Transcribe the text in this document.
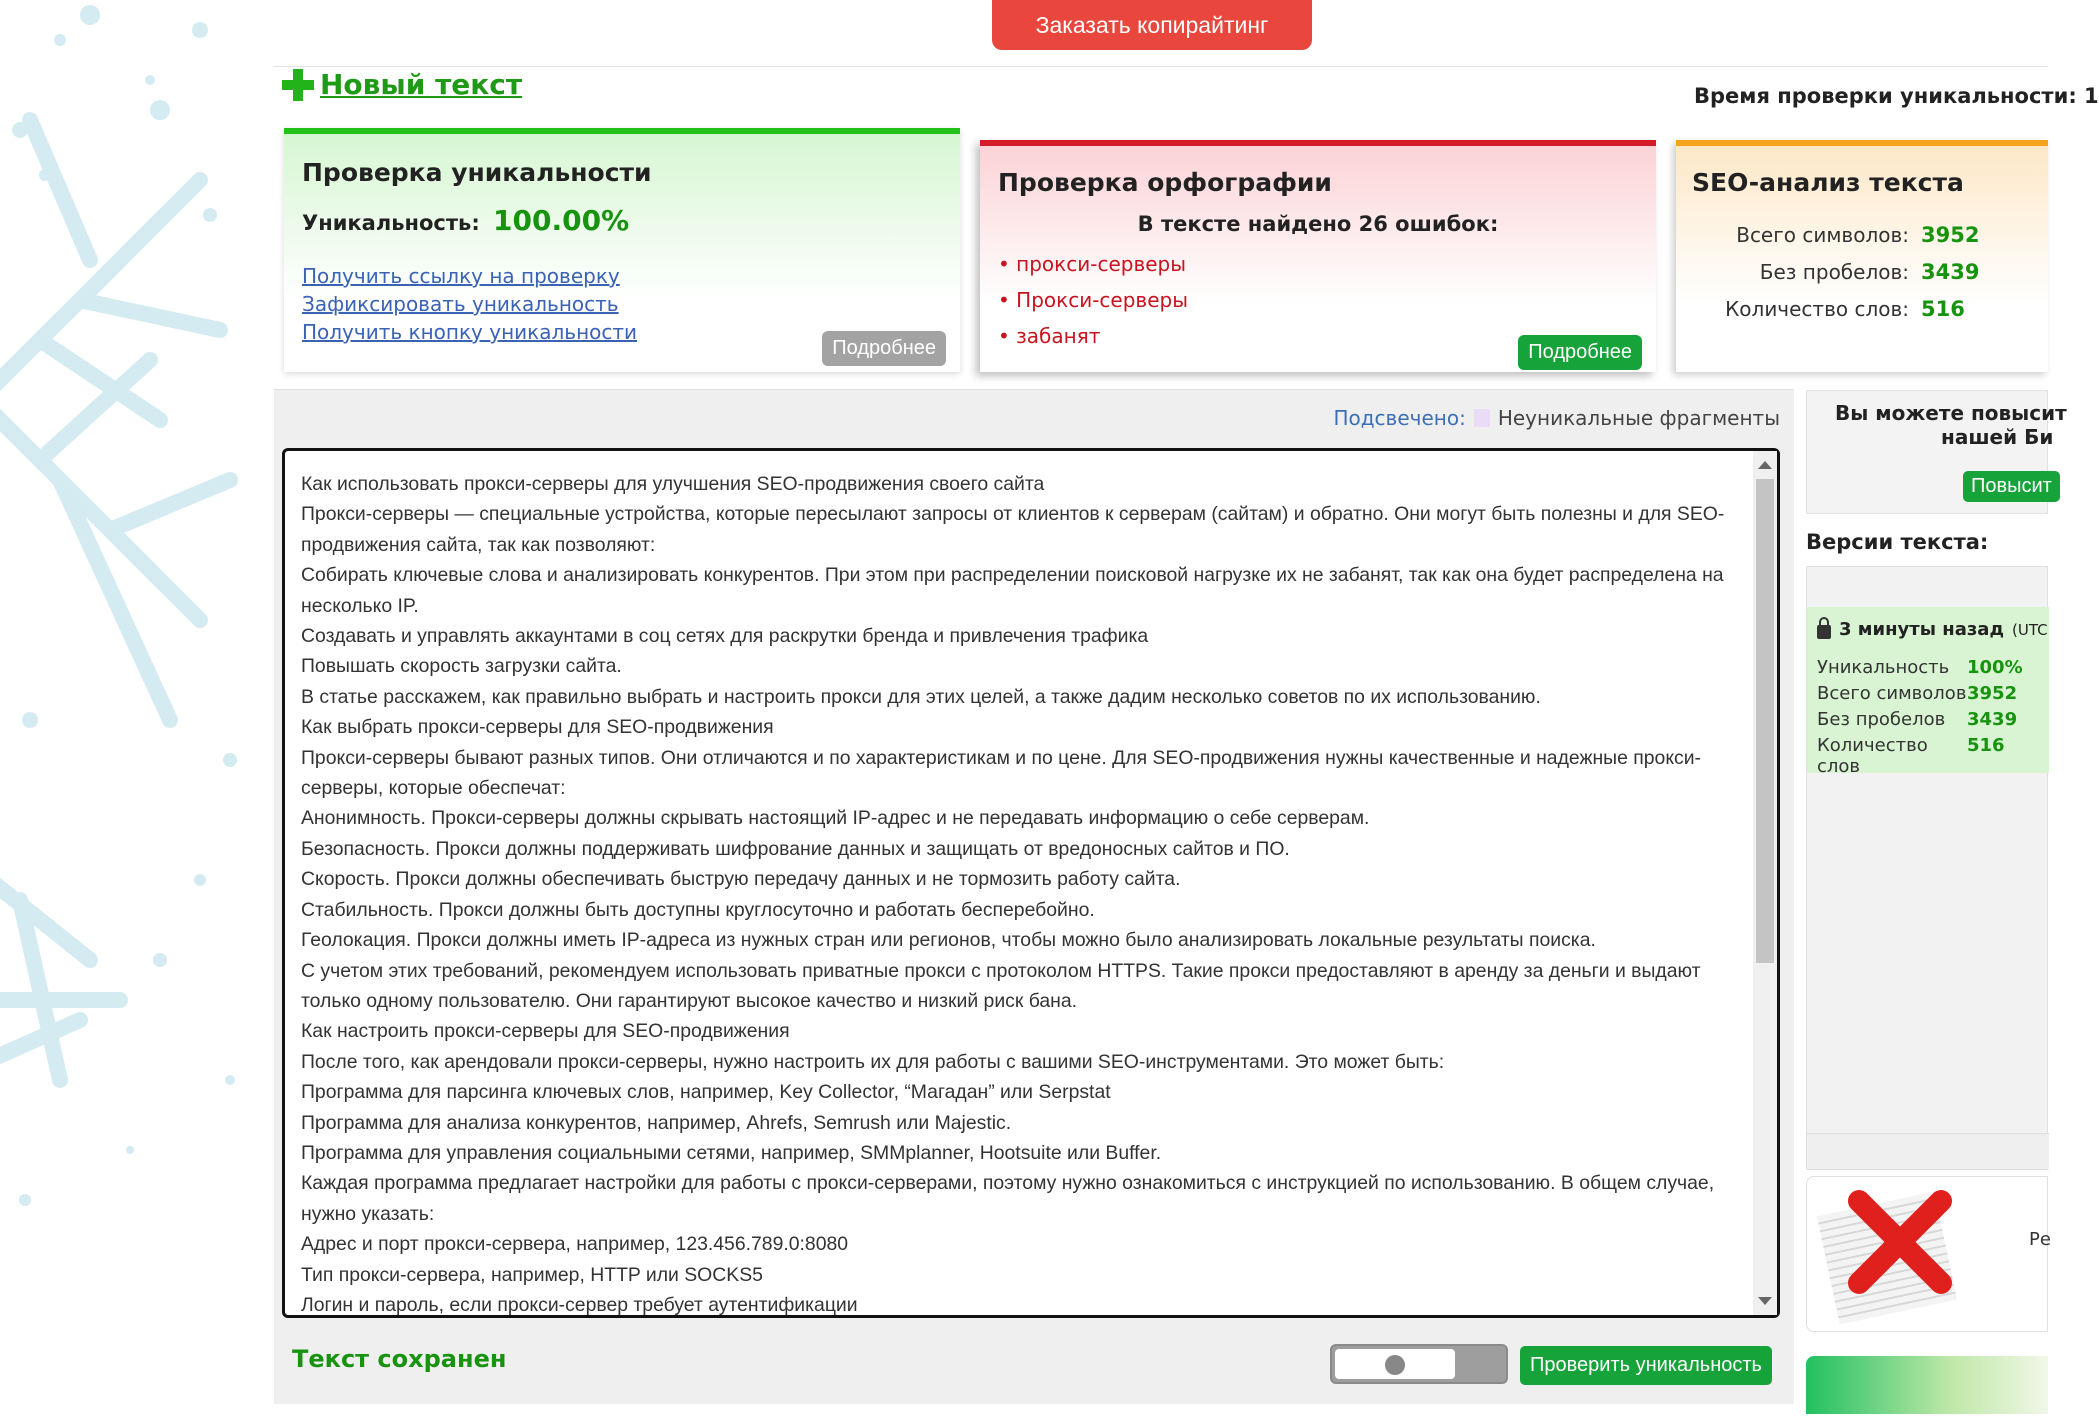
Заказать копирайтинг
Новый текст	Время проверки уникальности: 1
Проверка уникальности
Уникальность: 100.00%
Получить ссылку на проверку
Зафиксировать уникальность
Получить кнопку уникальности
Подробнее
Проверка орфографии
В тексте найдено 26 ошибок:
• прокси-серверы
• Прокси-серверы
• забанят
Подробнее
SEO-анализ текста
Всего символов: 3952
Без пробелов: 3439
Количество слов: 516
Подсвечено: Неуникальные фрагменты
Как использовать прокси-серверы для улучшения SEO-продвижения своего сайта
Прокси-серверы — специальные устройства, которые пересылают запросы от клиентов к серверам (сайтам) и обратно. Они могут быть полезны и для SEO-продвижения сайта, так как позволяют:
Собирать ключевые слова и анализировать конкурентов. При этом при распределении поисковой нагрузке их не забанят, так как она будет распределена на несколько IP.
Создавать и управлять аккаунтами в соц сетях для раскрутки бренда и привлечения трафика
Повышать скорость загрузки сайта.
В статье расскажем, как правильно выбрать и настроить прокси для этих целей, а также дадим несколько советов по их использованию.
Как выбрать прокси-серверы для SEO-продвижения
Прокси-серверы бывают разных типов. Они отличаются и по характеристикам и по цене. Для SEO-продвижения нужны качественные и надежные прокси-серверы, которые обеспечат:
Анонимность. Прокси-серверы должны скрывать настоящий IP-адрес и не передавать информацию о себе серверам.
Безопасность. Прокси должны поддерживать шифрование данных и защищать от вредоносных сайтов и ПО.
Скорость. Прокси должны обеспечивать быструю передачу данных и не тормозить работу сайта.
Стабильность. Прокси должны быть доступны круглосуточно и работать бесперебойно.
Геолокация. Прокси должны иметь IP-адреса из нужных стран или регионов, чтобы можно было анализировать локальные результаты поиска.
С учетом этих требований, рекомендуем использовать приватные прокси с протоколом HTTPS. Такие прокси предоставляют в аренду за деньги и выдают только одному пользователю. Они гарантируют высокое качество и низкий риск бана.
Как настроить прокси-серверы для SEO-продвижения
После того, как арендовали прокси-серверы, нужно настроить их для работы с вашими SEO-инструментами. Это может быть:
Программа для парсинга ключевых слов, например, Key Collector, “Магадан” или Serpstat
Программа для анализа конкурентов, например, Ahrefs, Semrush или Majestic.
Программа для управления социальными сетями, например, SMMplanner, Hootsuite или Buffer.
Каждая программа предлагает настройки для работы с прокси-серверами, поэтому нужно ознакомиться с инструкцией по использованию. В общем случае, нужно указать:
Адрес и порт прокси-сервера, например, 123.456.789.0:8080
Тип прокси-сервера, например, HTTP или SOCKS5
Логин и пароль, если прокси-сервер требует аутентификации
Текст сохранен	Проверить уникальность
Вы можете повысит
нашей Би
Повысит
Версии текста:
3 минуты назад (UTC
Уникальность 100%
Всего символов 3952
Без пробелов	3439
Количество слов
516
Ре
